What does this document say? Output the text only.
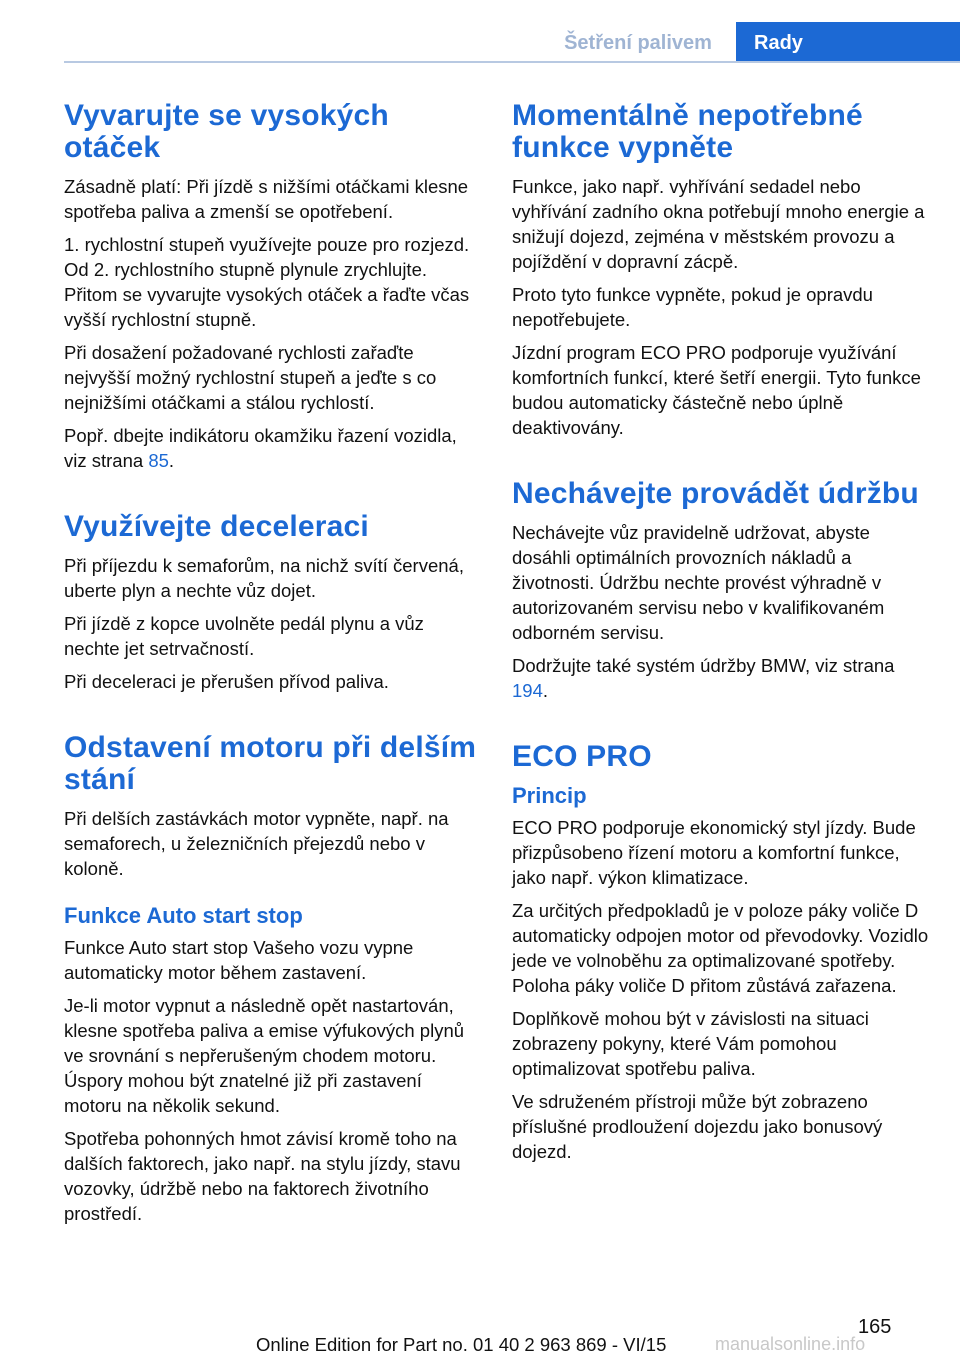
Šetření palivem	Rady
Vyvarujte se vysokých
otáček

Zásadně platí: Při jízdě s nižšími otáčkami klesne spotřeba paliva a zmenší se opotřebení.

1. rychlostní stupeň využívejte pouze pro rozjezd. Od 2. rychlostního stupně plynule zrychlujte. Přitom se vyvarujte vysokých otáček a řaďte včas vyšší rychlostní stupně.

Při dosažení požadované rychlosti zařaďte nejvyšší možný rychlostní stupeň a jeďte s co nejnižšími otáčkami a stálou rychlostí.

Popř. dbejte indikátoru okamžiku řazení vozidla, viz strana 85.

Využívejte deceleraci

Při příjezdu k semaforům, na nichž svítí červená, uberte plyn a nechte vůz dojet.

Při jízdě z kopce uvolněte pedál plynu a vůz nechte jet setrvačností.

Při deceleraci je přerušen přívod paliva.

Odstavení motoru při delším
stání

Při delších zastávkách motor vypněte, např. na semaforech, u železničních přejezdů nebo v koloně.

Funkce Auto start stop

Funkce Auto start stop Vašeho vozu vypne automaticky motor během zastavení.

Je-li motor vypnut a následně opět nastartován, klesne spotřeba paliva a emise výfukových plynů ve srovnání s nepřerušeným chodem motoru. Úspory mohou být znatelné již při zastavení motoru na několik sekund.

Spotřeba pohonných hmot závisí kromě toho na dalších faktorech, jako např. na stylu jízdy, stavu vozovky, údržbě nebo na faktorech životního prostředí.

Momentálně nepotřebné
funkce vypněte

Funkce, jako např. vyhřívání sedadel nebo vyhřívání zadního okna potřebují mnoho energie a snižují dojezd, zejména v městském provozu a pojíždění v dopravní zácpě.

Proto tyto funkce vypněte, pokud je opravdu nepotřebujete.

Jízdní program ECO PRO podporuje využívání komfortních funkcí, které šetří energii. Tyto funkce budou automaticky částečně nebo úplně deaktivovány.

Nechávejte provádět údržbu

Nechávejte vůz pravidelně udržovat, abyste dosáhli optimálních provozních nákladů a životnosti. Údržbu nechte provést výhradně v autorizovaném servisu nebo v kvalifikovaném odborném servisu.

Dodržujte také systém údržby BMW, viz strana 194.

ECO PRO
Princip

ECO PRO podporuje ekonomický styl jízdy. Bude přizpůsobeno řízení motoru a komfortní funkce, jako např. výkon klimatizace.

Za určitých předpokladů je v poloze páky voliče D automaticky odpojen motor od převodovky. Vozidlo jede ve volnoběhu za optimalizované spotřeby. Poloha páky voliče D přitom zůstává zařazena.

Doplňkově mohou být v závislosti na situaci zobrazeny pokyny, které Vám pomohou optimalizovat spotřebu paliva.

Ve sdruženém přístroji může být zobrazeno příslušné prodloužení dojezdu jako bonusový dojezd.

165
Online Edition for Part no. 01 40 2 963 869 - VI/15	manualsonline.info
